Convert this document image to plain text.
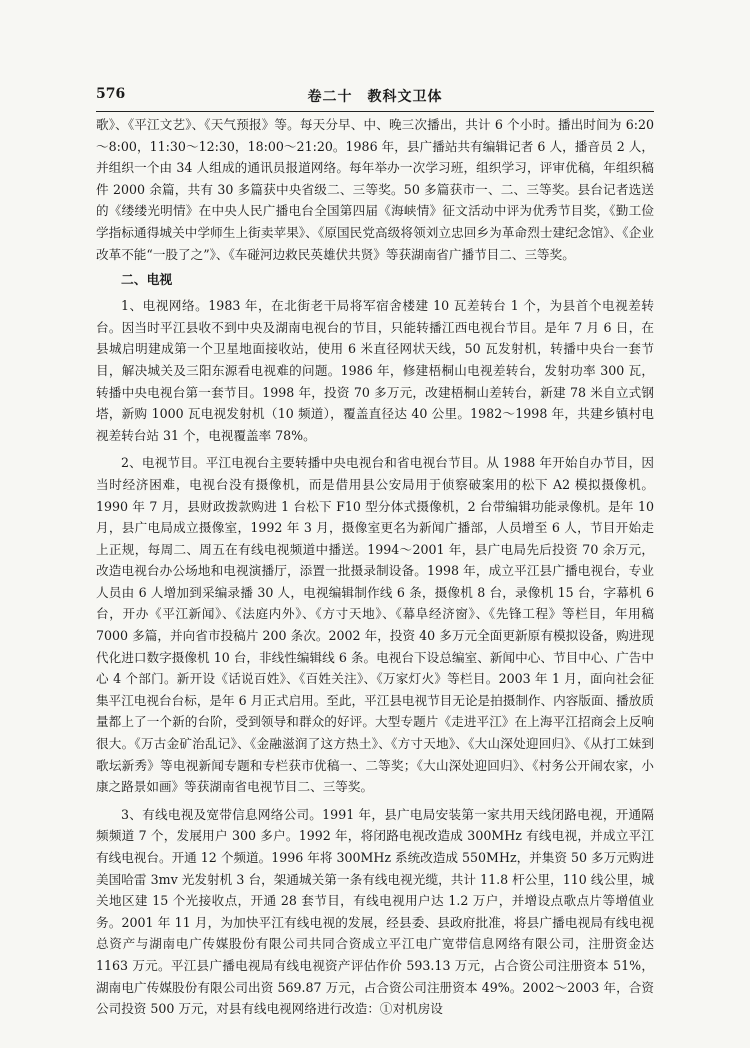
576	卷二十　教科文卫体

歌》、《平江文艺》、《天气预报》等。每天分早、中、晚三次播出，共计 6 个小时。播出时间为 6:20～8:00，11:30～12:30，18:00～21:20。1986 年，县广播站共有编辑记者 6 人，播音员 2 人，并组织一个由 34 人组成的通讯员报道网络。每年举办一次学习班，组织学习，评审优稿，年组织稿件 2000 余篇，共有 30 多篇获中央省级二、三等奖。50 多篇获市一、二、三等奖。县台记者选送的《缕缕光明情》在中央人民广播电台全国第四届《海峡情》征文活动中评为优秀节目奖，《勤工俭学指标通得城关中学师生上街卖苹果》、《原国民党高级将领刘立忠回乡为革命烈士建纪念馆》、《企业改革不能“一股了之”》、《车碰河边救民英雄伏共贤》等获湖南省广播节目二、三等奖。

二、电视

1、电视网络。1983 年，在北街老干局将军宿舍楼建 10 瓦差转台 1 个，为县首个电视差转台。因当时平江县收不到中央及湖南电视台的节目，只能转播江西电视台节目。是年 7 月 6 日，在县城启明建成第一个卫星地面接收站，使用 6 米直径网状天线，50 瓦发射机，转播中央台一套节目，解决城关及三阳东源看电视难的问题。1986 年，修建梧桐山电视差转台，发射功率 300 瓦，转播中央电视台第一套节目。1998 年，投资 70 多万元，改建梧桐山差转台，新建 78 米自立式钢塔，新购 1000 瓦电视发射机（10 频道），覆盖直径达 40 公里。1982～1998 年，共建乡镇村电视差转台站 31 个，电视覆盖率 78%。

2、电视节目。平江电视台主要转播中央电视台和省电视台节目。从 1988 年开始自办节目，因当时经济困难，电视台没有摄像机，而是借用县公安局用于侦察破案用的松下 A2 模拟摄像机。1990 年 7 月，县财政拨款购进 1 台松下 F10 型分体式摄像机，2 台带编辑功能录像机。是年 10 月，县广电局成立摄像室，1992 年 3 月，摄像室更名为新闻广播部，人员增至 6 人，节目开始走上正规，每周二、周五在有线电视频道中播送。1994～2001 年，县广电局先后投资 70 余万元，改造电视台办公场地和电视演播厅，添置一批摄录制设备。1998 年，成立平江县广播电视台，专业人员由 6 人增加到采编录播 30 人，电视编辑制作线 6 条，摄像机 8 台，录像机 15 台，字幕机 6 台，开办《平江新闻》、《法庭内外》、《方寸天地》、《幕阜经济窗》、《先锋工程》等栏目，年用稿 7000 多篇，并向省市投稿片 200 条次。2002 年，投资 40 多万元全面更新原有模拟设备，购进现代化进口数字摄像机 10 台，非线性编辑线 6 条。电视台下设总编室、新闻中心、节目中心、广告中心 4 个部门。新开设《话说百姓》、《百姓关注》、《万家灯火》等栏目。2003 年 1 月，面向社会征集平江电视台台标，是年 6 月正式启用。至此，平江县电视节目无论是拍摄制作、内容版面、播放质量都上了一个新的台阶，受到领导和群众的好评。大型专题片《走进平江》在上海平江招商会上反响很大。《万古金矿治乱记》、《金融滋润了这方热土》、《方寸天地》、《大山深处迎回归》、《从打工妹到歌坛新秀》等电视新闻专题和专栏获市优稿一、二等奖；《大山深处迎回归》、《村务公开闹农家，小康之路景如画》等获湖南省电视节目二、三等奖。

3、有线电视及宽带信息网络公司。1991 年，县广电局安装第一家共用天线闭路电视，开通隔频频道 7 个，发展用户 300 多户。1992 年，将闭路电视改造成 300MHz 有线电视，并成立平江有线电视台。开通 12 个频道。1996 年将 300MHz 系统改造成 550MHz，并集资 50 多万元购进美国哈雷 3mv 光发射机 3 台，架通城关第一条有线电视光缆，共计 11.8 杆公里，110 线公里，城关地区建 15 个光接收点，开通 28 套节目，有线电视用户达 1.2 万户，并增设点歌点片等增值业务。2001 年 11 月，为加快平江有线电视的发展，经县委、县政府批准，将县广播电视局有线电视总资产与湖南电广传媒股份有限公司共同合资成立平江电广宽带信息网络有限公司，注册资金达 1163 万元。平江县广播电视局有线电视资产评估作价 593.13 万元，占合资公司注册资本 51%，湖南电广传媒股份有限公司出资 569.87 万元，占合资公司注册资本 49%。2002～2003 年，合资公司投资 500 万元，对县有线电视网络进行改造：①对机房设
